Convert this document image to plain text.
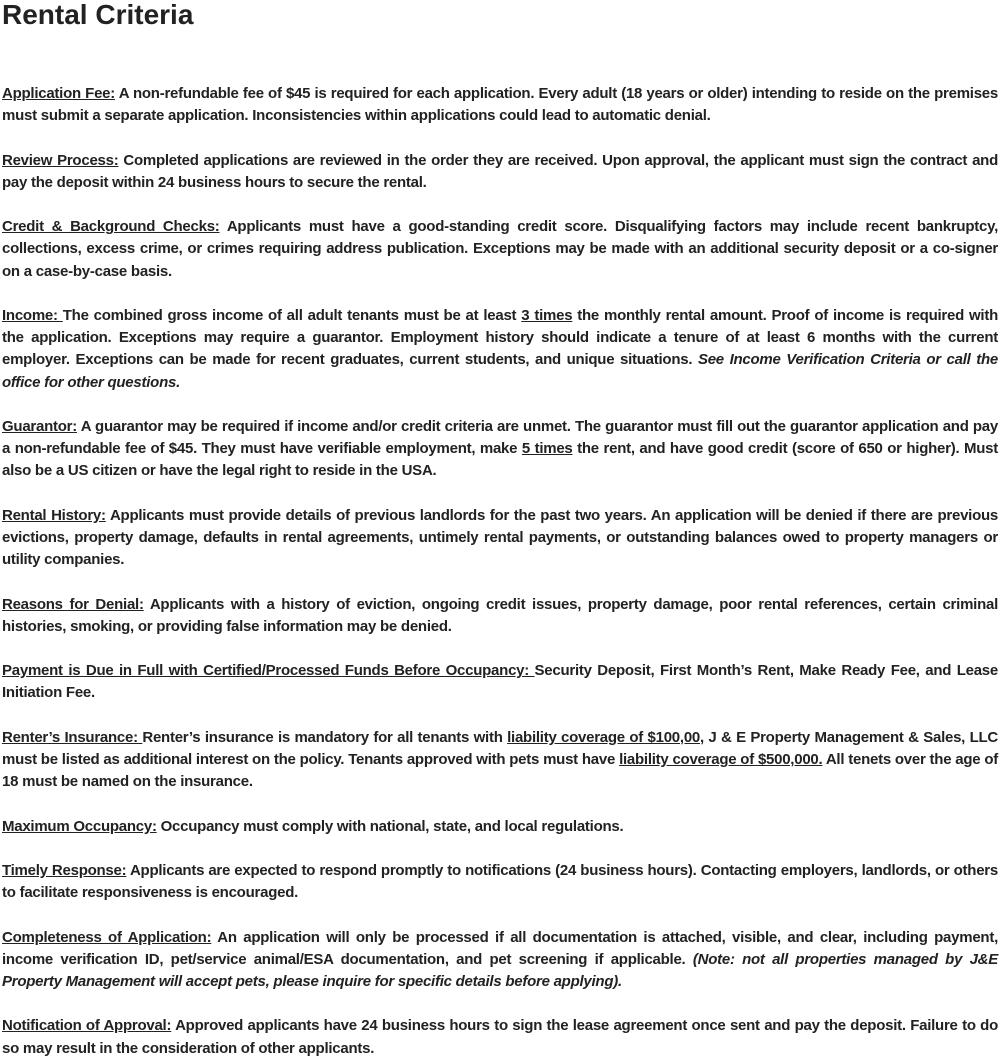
Rental Criteria

Application Fee: A non-refundable fee of $45 is required for each application. Every adult (18 years or older) intending to reside on the premises must submit a separate application. Inconsistencies within applications could lead to automatic denial.

Review Process: Completed applications are reviewed in the order they are received. Upon approval, the applicant must sign the contract and pay the deposit within 24 business hours to secure the rental.

Credit & Background Checks: Applicants must have a good-standing credit score. Disqualifying factors may include recent bankruptcy, collections, excess crime, or crimes requiring address publication. Exceptions may be made with an additional security deposit or a co-signer on a case-by-case basis.

Income: The combined gross income of all adult tenants must be at least 3 times the monthly rental amount. Proof of income is required with the application. Exceptions may require a guarantor. Employment history should indicate a tenure of at least 6 months with the current employer. Exceptions can be made for recent graduates, current students, and unique situations. See Income Verification Criteria or call the office for other questions.

Guarantor: A guarantor may be required if income and/or credit criteria are unmet. The guarantor must fill out the guarantor application and pay a non-refundable fee of $45. They must have verifiable employment, make 5 times the rent, and have good credit (score of 650 or higher). Must also be a US citizen or have the legal right to reside in the USA.

Rental History: Applicants must provide details of previous landlords for the past two years. An application will be denied if there are previous evictions, property damage, defaults in rental agreements, untimely rental payments, or outstanding balances owed to property managers or utility companies.

Reasons for Denial: Applicants with a history of eviction, ongoing credit issues, property damage, poor rental references, certain criminal histories, smoking, or providing false information may be denied.

Payment is Due in Full with Certified/Processed Funds Before Occupancy: Security Deposit, First Month’s Rent, Make Ready Fee, and Lease Initiation Fee.

Renter’s Insurance: Renter’s insurance is mandatory for all tenants with liability coverage of $100,00, J & E Property Management & Sales, LLC must be listed as additional interest on the policy. Tenants approved with pets must have liability coverage of $500,000. All tenets over the age of 18 must be named on the insurance.

Maximum Occupancy: Occupancy must comply with national, state, and local regulations.

Timely Response: Applicants are expected to respond promptly to notifications (24 business hours). Contacting employers, landlords, or others to facilitate responsiveness is encouraged.

Completeness of Application: An application will only be processed if all documentation is attached, visible, and clear, including payment, income verification ID, pet/service animal/ESA documentation, and pet screening if applicable. (Note: not all properties managed by J&E Property Management will accept pets, please inquire for specific details before applying).

Notification of Approval: Approved applicants have 24 business hours to sign the lease agreement once sent and pay the deposit. Failure to do so may result in the consideration of other applicants.
